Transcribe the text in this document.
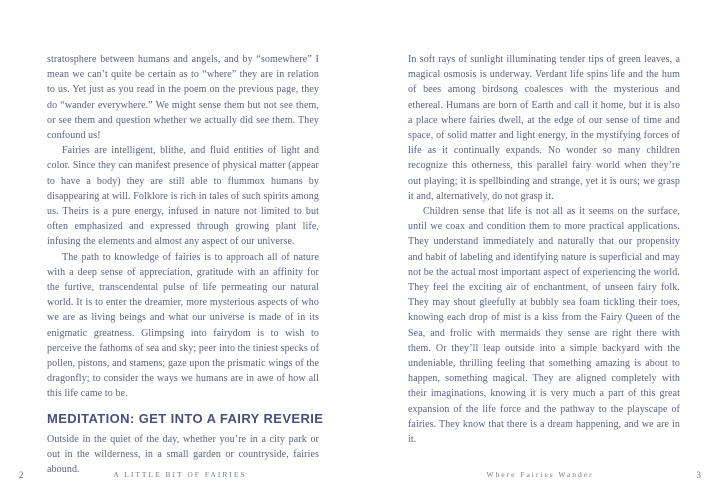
stratosphere between humans and angels, and by “somewhere” I mean we can’t quite be certain as to “where” they are in relation to us. Yet just as you read in the poem on the previous page, they do “wander everywhere.” We might sense them but not see them, or see them and question whether we actually did see them. They confound us!

Fairies are intelligent, blithe, and fluid entities of light and color. Since they can manifest presence of physical matter (appear to have a body) they are still able to flummox humans by disappearing at will. Folklore is rich in tales of such spirits among us. Theirs is a pure energy, infused in nature not limited to but often emphasized and expressed through growing plant life, infusing the elements and almost any aspect of our universe.

The path to knowledge of fairies is to approach all of nature with a deep sense of appreciation, gratitude with an affinity for the furtive, transcendental pulse of life permeating our natural world. It is to enter the dreamier, more mysterious aspects of who we are as living beings and what our universe is made of in its enigmatic greatness. Glimpsing into fairydom is to wish to perceive the fathoms of sea and sky; peer into the tiniest specks of pollen, pistons, and stamens; gaze upon the prismatic wings of the dragonfly; to consider the ways we humans are in awe of how all this life came to be.

MEDITATION: GET INTO A FAIRY REVERIE

Outside in the quiet of the day, whether you’re in a city park or out in the wilderness, in a small garden or countryside, fairies abound.

2	A LITTLE BIT OF FAIRIES

In soft rays of sunlight illuminating tender tips of green leaves, a magical osmosis is underway. Verdant life spins life and the hum of bees among birdsong coalesces with the mysterious and ethereal. Humans are born of Earth and call it home, but it is also a place where fairies dwell, at the edge of our sense of time and space, of solid matter and light energy, in the mystifying forces of life as it continually expands. No wonder so many children recognize this otherness, this parallel fairy world when they’re out playing; it is spellbinding and strange, yet it is ours; we grasp it and, alternatively, do not grasp it.

Children sense that life is not all as it seems on the surface, until we coax and condition them to more practical applications. They understand immediately and naturally that our propensity and habit of labeling and identifying nature is superficial and may not be the actual most important aspect of experiencing the world. They feel the exciting air of enchantment, of unseen fairy folk. They may shout gleefully at bubbly sea foam tickling their toes, knowing each drop of mist is a kiss from the Fairy Queen of the Sea, and frolic with mermaids they sense are right there with them. Or they’ll leap outside into a simple backyard with the undeniable, thrilling feeling that something amazing is about to happen, something magical. They are aligned completely with their imaginations, knowing it is very much a part of this great expansion of the life force and the pathway to the playscape of fairies. They know that there is a dream happening, and we are in it.

Where Fairies Wander	3
